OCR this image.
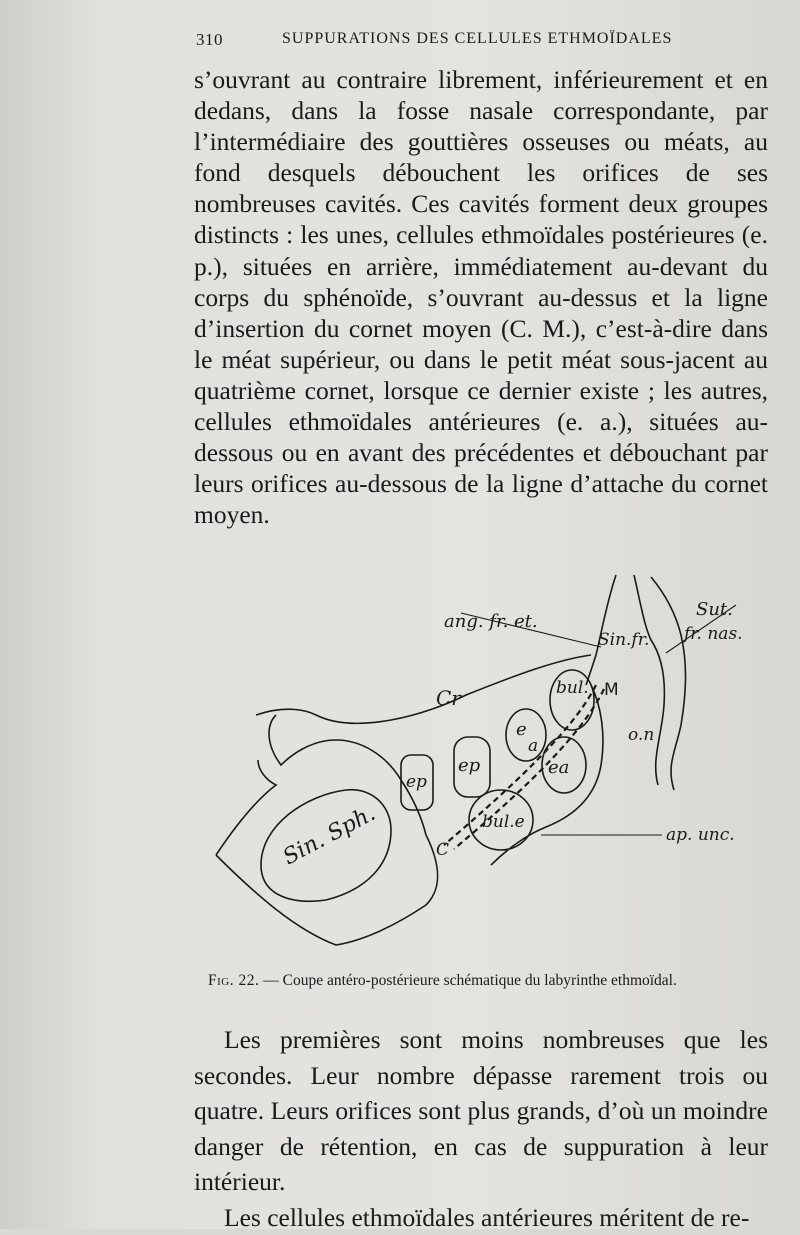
310	SUPPURATIONS DES CELLULES ETHMOÏDALES

s’ouvrant au contraire librement, inférieurement et en dedans, dans la fosse nasale correspondante, par l’intermédiaire des gouttières osseuses ou méats, au fond desquels débouchent les orifices de ses nombreuses cavités. Ces cavités forment deux groupes distincts : les unes, cellules ethmoïdales postérieures (e. p.), situées en arrière, immédiatement au-devant du corps du sphénoïde, s’ouvrant au-dessus et la ligne d’insertion du cornet moyen (C. M.), c’est-à-dire dans le méat supérieur, ou dans le petit méat sous-jacent au quatrième cornet, lorsque ce dernier existe ; les autres, cellules ethmoïdales antérieures (e. a.), situées au-dessous ou en avant des précédentes et débouchant par leurs orifices au-dessous de la ligne d’attache du cornet moyen.

ang. fr. et.
Sin.fr.
Sut.
fr. nas.
Cr	bul. M
o.n
e
a
ep
ep	ea
bul.e
Sin. Sph.	C
ap. unc.
Fig. 22. — Coupe antéro-postérieure schématique du labyrinthe ethmoïdal.

Les premières sont moins nombreuses que les secondes. Leur nombre dépasse rarement trois ou quatre. Leurs orifices sont plus grands, d’où un moindre danger de rétention, en cas de suppuration à leur intérieur.

Les cellules ethmoïdales antérieures méritent de re-
